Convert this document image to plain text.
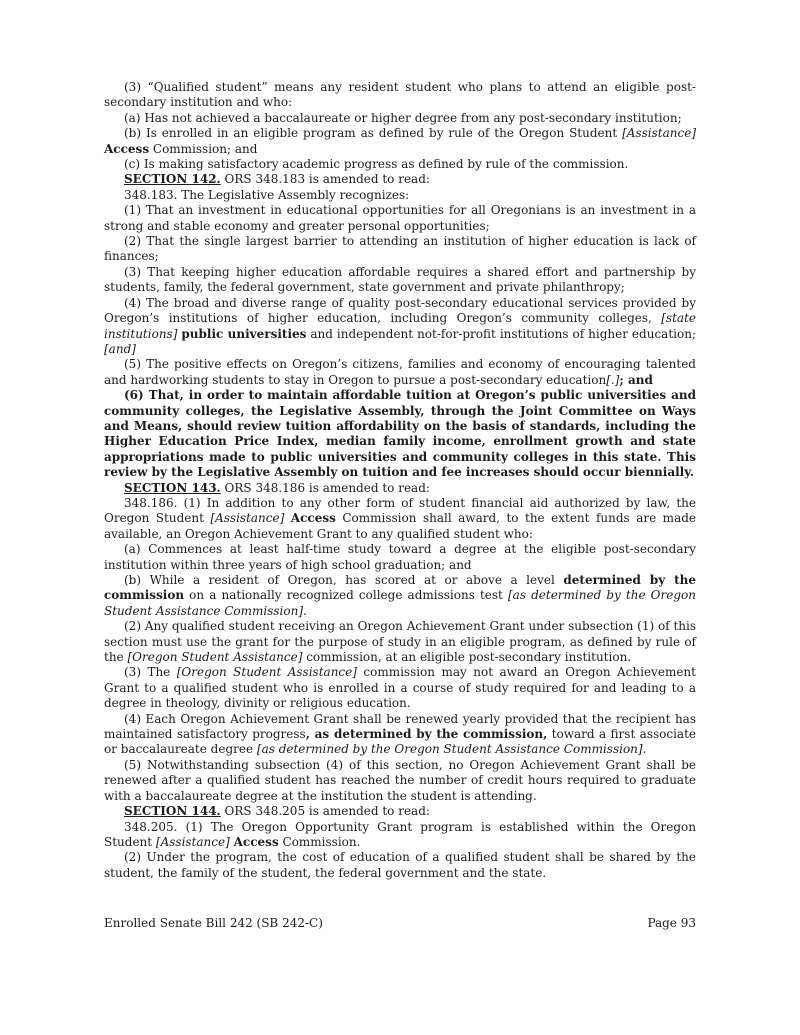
(3) “Qualified student” means any resident student who plans to attend an eligible post-secondary institution and who:

(a) Has not achieved a baccalaureate or higher degree from any post-secondary institution;

(b) Is enrolled in an eligible program as defined by rule of the Oregon Student [Assistance] Access Commission; and

(c) Is making satisfactory academic progress as defined by rule of the commission.

SECTION 142. ORS 348.183 is amended to read:

348.183. The Legislative Assembly recognizes:

(1) That an investment in educational opportunities for all Oregonians is an investment in a strong and stable economy and greater personal opportunities;

(2) That the single largest barrier to attending an institution of higher education is lack of finances;

(3) That keeping higher education affordable requires a shared effort and partnership by students, family, the federal government, state government and private philanthropy;

(4) The broad and diverse range of quality post-secondary educational services provided by Oregon’s institutions of higher education, including Oregon’s community colleges, [state institutions] public universities and independent not-for-profit institutions of higher education; [and]

(5) The positive effects on Oregon’s citizens, families and economy of encouraging talented and hardworking students to stay in Oregon to pursue a post-secondary education[.]; and

(6) That, in order to maintain affordable tuition at Oregon’s public universities and community colleges, the Legislative Assembly, through the Joint Committee on Ways and Means, should review tuition affordability on the basis of standards, including the Higher Education Price Index, median family income, enrollment growth and state appropriations made to public universities and community colleges in this state. This review by the Legislative Assembly on tuition and fee increases should occur biennially.

SECTION 143. ORS 348.186 is amended to read:

348.186. (1) In addition to any other form of student financial aid authorized by law, the Oregon Student [Assistance] Access Commission shall award, to the extent funds are made available, an Oregon Achievement Grant to any qualified student who:

(a) Commences at least half-time study toward a degree at the eligible post-secondary institution within three years of high school graduation; and

(b) While a resident of Oregon, has scored at or above a level determined by the commission on a nationally recognized college admissions test [as determined by the Oregon Student Assistance Commission].

(2) Any qualified student receiving an Oregon Achievement Grant under subsection (1) of this section must use the grant for the purpose of study in an eligible program, as defined by rule of the [Oregon Student Assistance] commission, at an eligible post-secondary institution.

(3) The [Oregon Student Assistance] commission may not award an Oregon Achievement Grant to a qualified student who is enrolled in a course of study required for and leading to a degree in theology, divinity or religious education.

(4) Each Oregon Achievement Grant shall be renewed yearly provided that the recipient has maintained satisfactory progress, as determined by the commission, toward a first associate or baccalaureate degree [as determined by the Oregon Student Assistance Commission].

(5) Notwithstanding subsection (4) of this section, no Oregon Achievement Grant shall be renewed after a qualified student has reached the number of credit hours required to graduate with a baccalaureate degree at the institution the student is attending.

SECTION 144. ORS 348.205 is amended to read:

348.205. (1) The Oregon Opportunity Grant program is established within the Oregon Student [Assistance] Access Commission.

(2) Under the program, the cost of education of a qualified student shall be shared by the student, the family of the student, the federal government and the state.

Enrolled Senate Bill 242 (SB 242-C)	Page 93
